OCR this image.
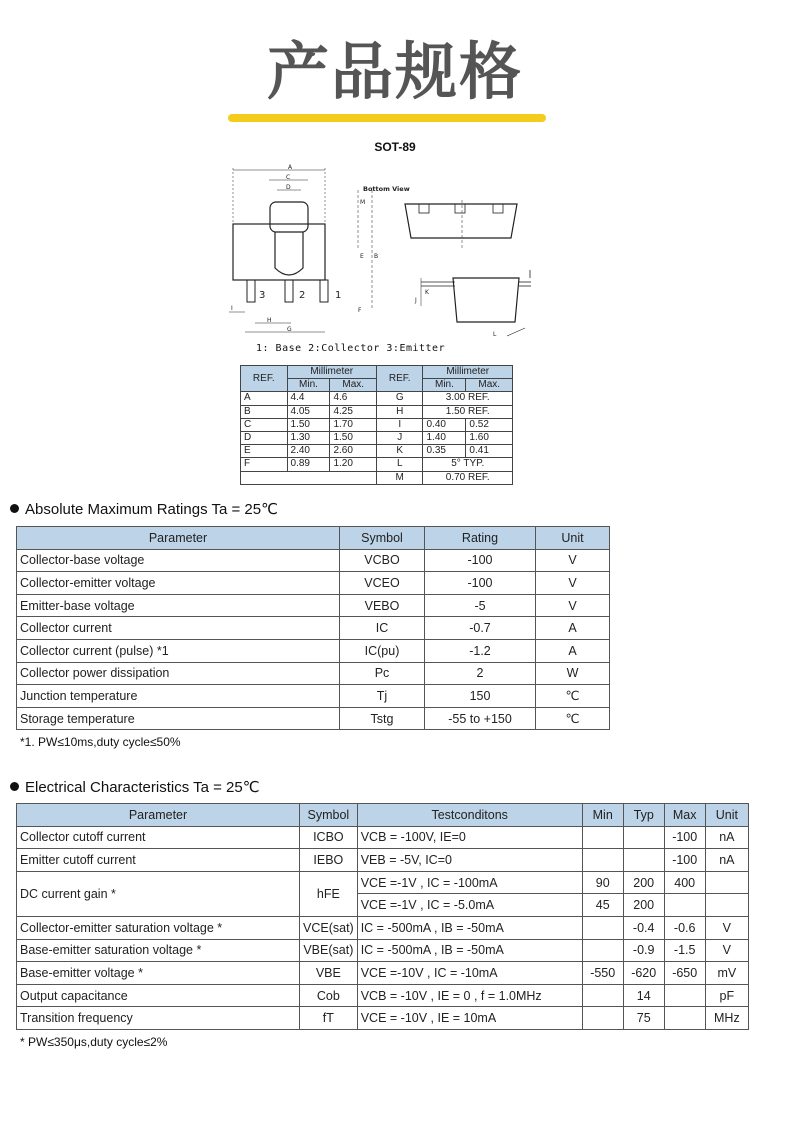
产品规格
SOT-89
A
C
D
3	2	1
M
E B
F
I
H
G
Bottom View
J
K
L
1: Base 2:Collector 3:Emitter
REF.	Millimeter		REF.	Millimeter	
	Min.	Max.		Min.	Max.
A	4.4	4.6	G	3.00 REF.	
B	4.05	4.25	H	1.50 REF.	
C	1.50	1.70	I	0.40	0.52
D	1.30	1.50	J	1.40	1.60
E	2.40	2.60	K	0.35	0.41
F	0.89	1.20	L	5° TYP.	
			M	0.70 REF.	
Absolute Maximum Ratings Ta = 25℃
Parameter	Symbol	Rating	Unit
Collector-base voltage	VCBO	-100	V
Collector-emitter voltage	VCEO	-100	V
Emitter-base voltage	VEBO	-5	V
Collector current	IC	-0.7	A
Collector current (pulse) *1	IC(pu)	-1.2	A
Collector power dissipation	Pc	2	W
Junction temperature	Tj	150	℃
Storage temperature	Tstg	-55 to +150	℃
*1. PW≤10ms,duty cycle≤50%
Electrical Characteristics Ta = 25℃
Parameter	Symbol	Testconditons	Min	Typ	Max	Unit
Collector cutoff current	ICBO	VCB = -100V, IE=0			-100	nA
Emitter cutoff current	IEBO	VEB = -5V, IC=0			-100	nA
DC current gain *	hFE	VCE =-1V , IC = -100mA	90	200	400	
		VCE =-1V , IC = -5.0mA	45	200		
Collector-emitter saturation voltage *	VCE(sat)	IC = -500mA , IB = -50mA		-0.4	-0.6	V
Base-emitter saturation voltage *	VBE(sat)	IC = -500mA , IB = -50mA		-0.9	-1.5	V
Base-emitter voltage *	VBE	VCE =-10V , IC = -10mA	-550	-620	-650	mV
Output capacitance	Cob	VCB = -10V , IE = 0 , f = 1.0MHz		14		pF
Transition frequency	fT	VCE = -10V , IE = 10mA		75		MHz
* PW≤350μs,duty cycle≤2%
